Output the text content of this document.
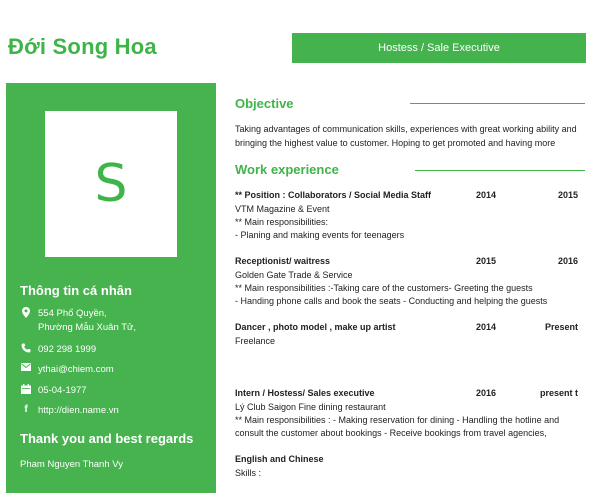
Đới Song Hoa	Hostess / Sale Executive
S
Thông tin cá nhân
554 Phổ Quyền,
Phường Mẫu Xuân Tử,
092 298 1999
ythai@chiem.com
05-04-1977
f	http://dien.name.vn
Thank you and best regards
Pham Nguyen Thanh Vy
Objective
Taking advantages of communication skills, experiences with great working ability and bringing the highest value to customer. Hoping to get promoted and having more
Work experience
** Position : Collaborators / Social Media Staff	2014	2015
VTM Magazine & Event
** Main responsibilities:
- Planing and making events for teenagers
Receptionist/ waitress	2015	2016
Golden Gate Trade & Service
** Main responsibilities :-Taking care of the customers- Greeting the guests
- Handing phone calls and book the seats - Conducting and helping the guests
Dancer , photo model , make up artist	2014	Present
Freelance
Intern / Hostess/ Sales executive	2016	present t
Lý Club Saigon Fine dining restaurant
** Main responsibilities : - Making reservation for dining - Handling the hotline and
consult the customer about bookings - Receive bookings from travel agencies,
English and Chinese
Skills :
